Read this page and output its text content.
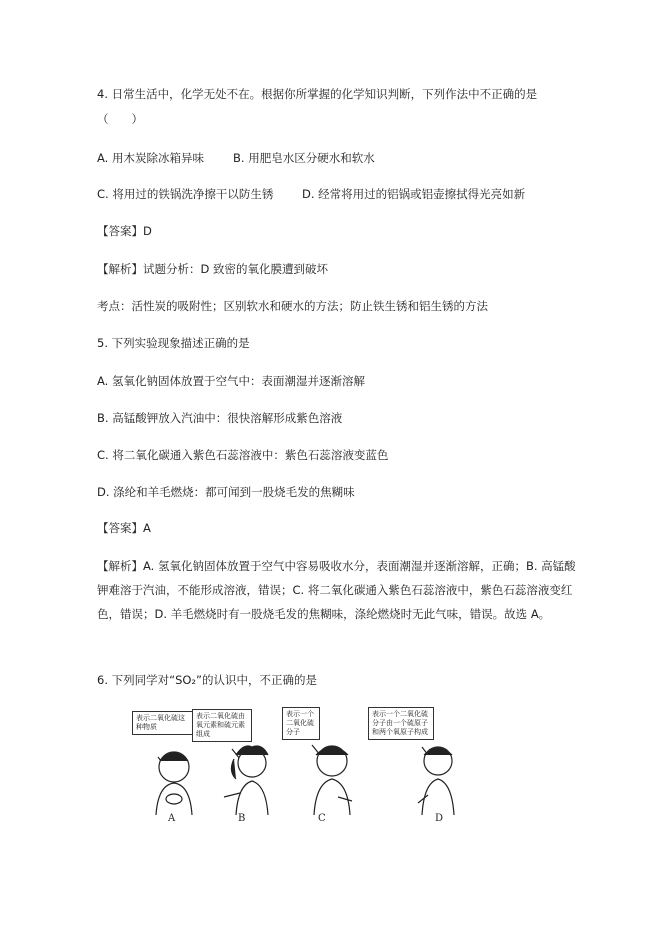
4. 日常生活中，化学无处不在。根据你所掌握的化学知识判断，下列作法中不正确的是
（　　）
A. 用木炭除冰箱异味	B. 用肥皂水区分硬水和软水
C. 将用过的铁锅洗净擦干以防生锈 D. 经常将用过的铝锅或铝壶擦拭得光亮如新
【答案】D
【解析】试题分析：D 致密的氧化膜遭到破坏
考点：活性炭的吸附性；区别软水和硬水的方法；防止铁生锈和铝生锈的方法
5. 下列实验现象描述正确的是
A. 氢氧化钠固体放置于空气中：表面潮湿并逐渐溶解
B. 高锰酸钾放入汽油中：很快溶解形成紫色溶液
C. 将二氧化碳通入紫色石蕊溶液中：紫色石蕊溶液变蓝色
D. 涤纶和羊毛燃烧：都可闻到一股烧毛发的焦糊味
【答案】A
【解析】A. 氢氧化钠固体放置于空气中容易吸收水分，表面潮湿并逐渐溶解，正确；B. 高锰酸钾难溶于汽油，不能形成溶液，错误；C. 将二氧化碳通入紫色石蕊溶液中，紫色石蕊溶液变红色，错误；D. 羊毛燃烧时有一股烧毛发的焦糊味，涤纶燃烧时无此气味，错误。故选 A。
6. 下列同学对“SO₂”的认识中，不正确的是
表示二氧化硫这种物质
表示二氧化硫由氧元素和硫元素组成
表示一个二氧化硫分子
表示一个二氧化硫分子由一个硫原子和两个氧原子构成
A	B	C	D
